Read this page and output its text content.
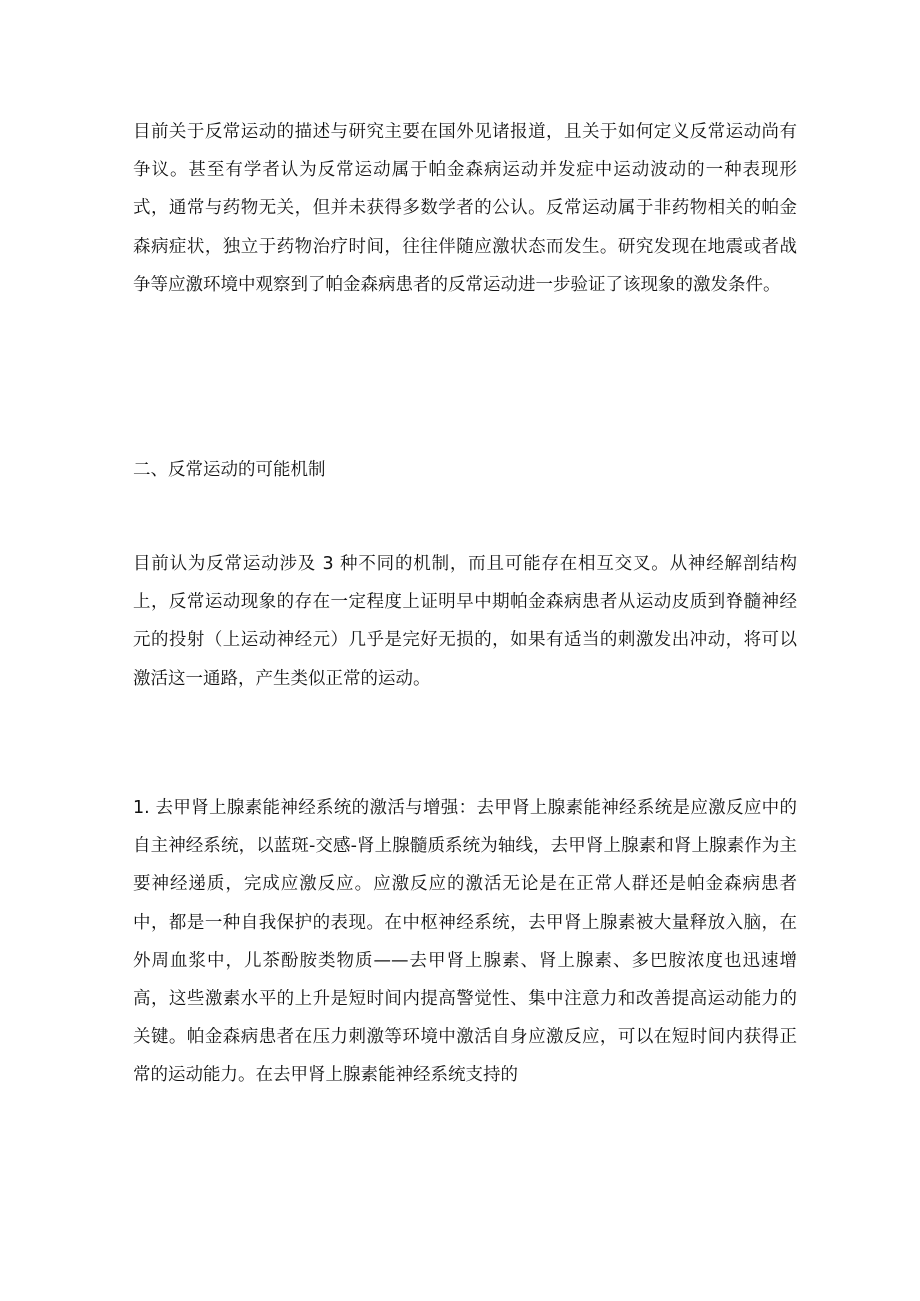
目前关于反常运动的描述与研究主要在国外见诸报道，且关于如何定义反常运动尚有争议。甚至有学者认为反常运动属于帕金森病运动并发症中运动波动的一种表现形式，通常与药物无关，但并未获得多数学者的公认。反常运动属于非药物相关的帕金森病症状，独立于药物治疗时间，往往伴随应激状态而发生。研究发现在地震或者战争等应激环境中观察到了帕金森病患者的反常运动进一步验证了该现象的激发条件。

二、反常运动的可能机制

目前认为反常运动涉及 3 种不同的机制，而且可能存在相互交叉。从神经解剖结构上，反常运动现象的存在一定程度上证明早中期帕金森病患者从运动皮质到脊髓神经元的投射（上运动神经元）几乎是完好无损的，如果有适当的刺激发出冲动，将可以激活这一通路，产生类似正常的运动。

1. 去甲肾上腺素能神经系统的激活与增强：去甲肾上腺素能神经系统是应激反应中的自主神经系统，以蓝斑-交感-肾上腺髓质系统为轴线，去甲肾上腺素和肾上腺素作为主要神经递质，完成应激反应。应激反应的激活无论是在正常人群还是帕金森病患者中，都是一种自我保护的表现。在中枢神经系统，去甲肾上腺素被大量释放入脑，在外周血浆中，儿茶酚胺类物质——去甲肾上腺素、肾上腺素、多巴胺浓度也迅速增高，这些激素水平的上升是短时间内提高警觉性、集中注意力和改善提高运动能力的关键。帕金森病患者在压力刺激等环境中激活自身应激反应，可以在短时间内获得正常的运动能力。在去甲肾上腺素能神经系统支持的
